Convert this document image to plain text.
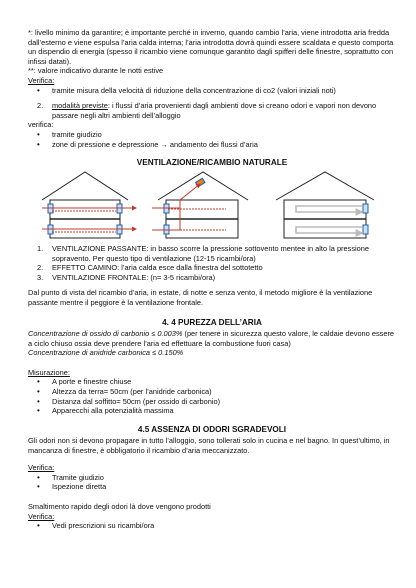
*: livello minimo da garantire; è importante perché in inverno, quando cambio l’aria, viene introdotta aria fredda dall’esterno e viene espulsa l’aria calda interna; l’aria introdotta dovrà quindi essere scaldata e questo comporta un dispendio di energia (spesso il ricambio viene comunque garantito dagli spifferi delle finestre, soprattutto con infissi datati).

**: valore indicativo durante le notti estive

Verifica:

• tramite misura della velocità di riduzione della concentrazione di co2 (valori iniziali noti)
2. modalità previste: i flussi d’aria provenienti dagli ambienti dove si creano odori e vapori non devono passare negli altri ambienti dell’alloggio

verifica:

• tramite giudizio
• zone di pressione e depressione → andamento dei flussi d’aria
VENTILAZIONE/RICAMBIO NATURALE
1. VENTILAZIONE PASSANTE: in basso scorre la pressione sottovento mentee in alto la pressione sopravento. Per questo tipo di ventilazione (12-15 ricambi/ora)
2. EFFETTO CAMINO: l’aria calda esce dalla finestra del sottotetto
3. VENTILAZIONE FRONTALE: (n= 3-5 ricambi/ora)

Dal punto di vista del ricambio d’aria, in estate, di notte e senza vento, il metodo migliore è la ventilazione passante mentre il peggiore è la ventilazione frontale.

4. 4 PUREZZA DELL’ARIA

Concentrazione di ossido di carbonio ≤ 0.003% (per tenere in sicurezza questo valore, le caldaie devono essere a ciclo chiuso ossia deve prendere l’aria ed effettuare la combustione fuori casa)

Concentrazione di anidride carbonica ≤ 0.150%

Misurazione:

• A porte e finestre chiuse
• Altezza da terra= 50cm (per l’anidride carbonica)
• Distanza dal soffitto= 50cm (per ossido di carbonio)
• Apparecchi alla potenzialità massima
4.5 ASSENZA DI ODORI SGRADEVOLI

Gli odori non si devono propagare in tutto l’alloggio, sono tollerati solo in cucina e nel bagno. In quest’ultimo, in mancanza di finestre, è obbligatorio il ricambio d’aria meccanizzato.

Verifica:

• Tramite giudizio
• Ispezione diretta

Smaltimento rapido degli odori là dove vengono prodotti

Verifica:

• Vedi prescrizioni su ricambi/ora
